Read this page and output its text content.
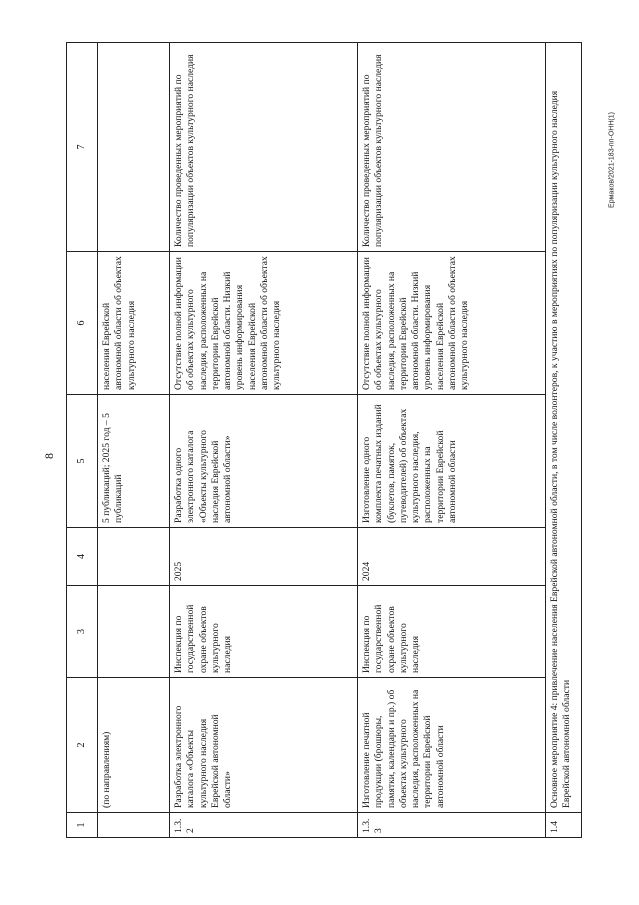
8
Ермаков/2021-183-пп-ОНН(1)
1	2	3	4	5	6	7
	(по направлениям)			5 публикаций; 2025 год – 5 публикаций	населения Еврейской автономной области об объектах культурного наследия	
1.3.2	Разработка электронного каталога «Объекты культурного наследия Еврейской автономной области»	Инспекция по государственной охране объектов культурного наследия	2025	Разработка одного электронного каталога «Объекты культурного наследия Еврейской автономной области»	Отсутствие полной информации об объектах культурного наследия, расположенных на территории Еврейской автономной области. Низкий уровень информирования населения Еврейской автономной области об объектах культурного наследия	Количество проведенных мероприятий по популяризации объектов культурного наследия
1.3.3	Изготовление печатной продукции (брошюры, памятки, календари и пр.) об объектах культурного наследия, расположенных на территории Еврейской автономной области	Инспекция по государственной охране объектов культурного наследия	2024	Изготовление одного комплекта печатных изданий (буклетов, памяток, путеводителей) об объектах культурного наследия, расположенных на территории Еврейской автономной области	Отсутствие полной информации об объектах культурного наследия, расположенных на территории Еврейской автономной области. Низкий уровень информирования населения Еврейской автономной области об объектах культурного наследия	Количество проведенных мероприятий по популяризации объектов культурного наследия
1.4	Основное мероприятие 4: привлечение населения Еврейской автономной области, в том числе волонтеров, к участию в мероприятиях по популяризации культурного наследия Еврейской автономной области					
